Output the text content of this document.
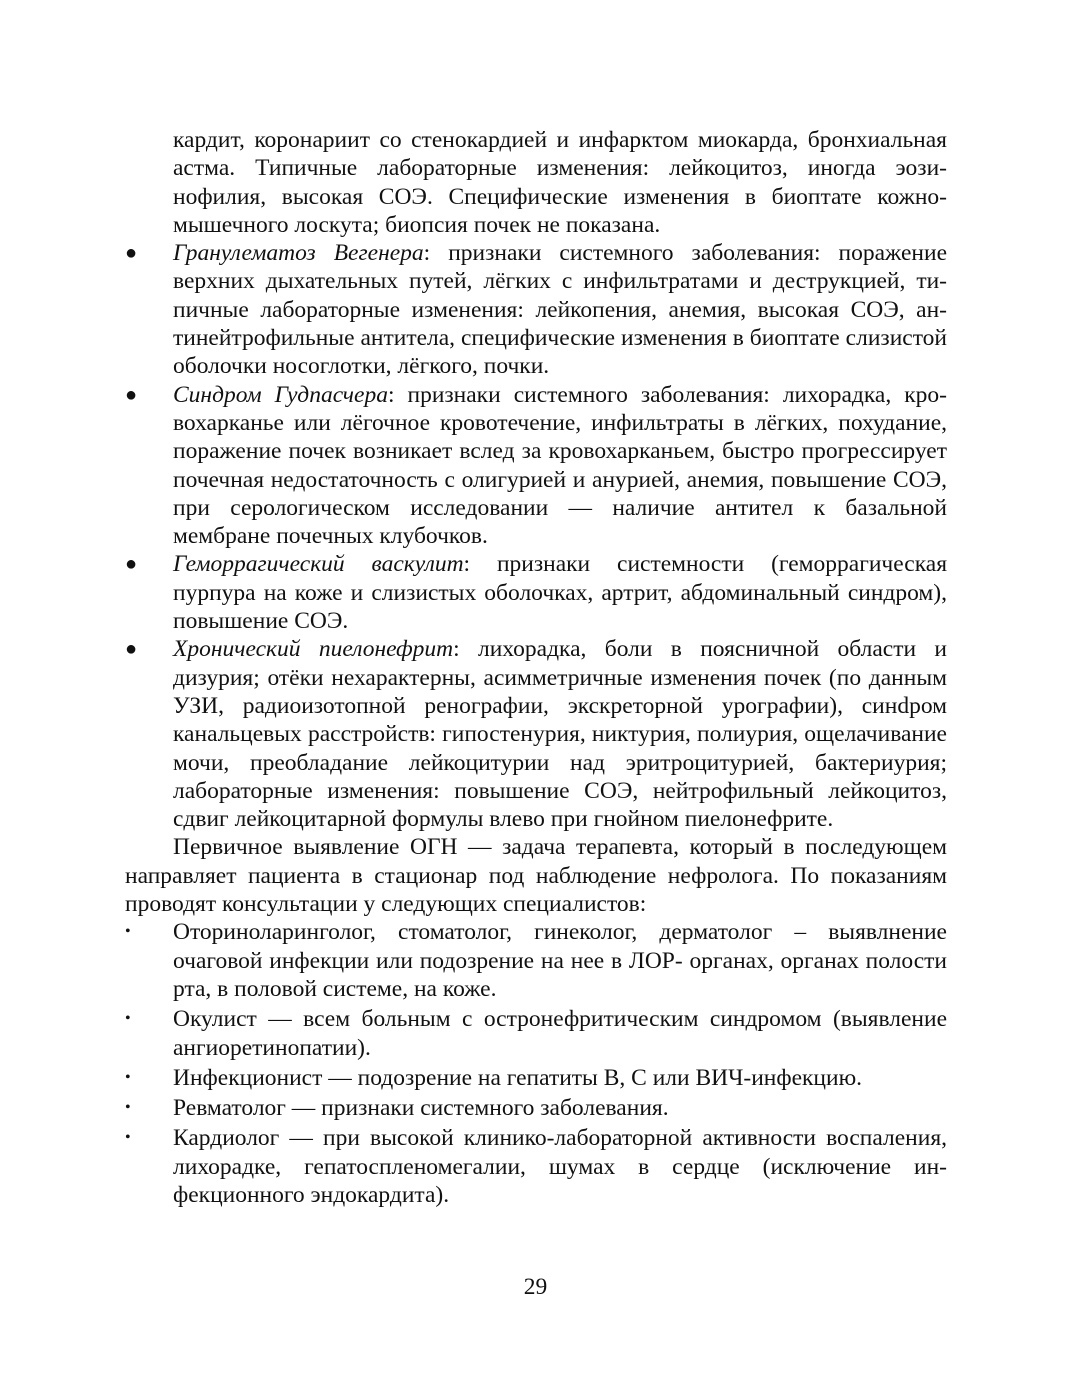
кардит, коронариит со стенокардией и инфарктом миокарда, бронхиальная астма. Типичные лабораторные изменения: лейкоцитоз, иногда эозинофилия, высокая СОЭ. Специфические изменения в биоптате кожно-мышечного лоскута; биопсия почек не показана.

● Гранулематоз Вегенера: признаки системного заболевания: поражение верхних дыхательных путей, лёгких с инфильтратами и деструкцией, типичные лабораторные изменения: лейкопения, анемия, высокая СОЭ, антинейтрофильные антитела, специфические изменения в биоптате слизистой оболочки носоглотки, лёгкого, почки.
● Синдром Гудпасчера: признаки системного заболевания: лихорадка, кровохарканье или лёгочное кровотечение, инфильтраты в лёгких, похудание, поражение почек возникает вслед за кровохарканьем, быстро прогрессирует почечная недостаточность с олигурией и анурией, анемия, повышение СОЭ, при серологическом исследовании — наличие антител к базальной мембране почечных клубочков.
● Геморрагический васкулит: признаки системности (геморрагическая пурпура на коже и слизистых оболочках, артрит, абдоминальный синдром), повышение СОЭ.
● Хронический пиелонефрит: лихорадка, боли в поясничной области и дизурия; отёки нехарактерны, асимметричные изменения почек (по данным УЗИ, радиоизотопной ренографии, экскреторной урографии), синdром канальцевых расстройств: гипостенурия, никтурия, полиурия, ощелачивание мочи, преобладание лейкоцитурии над эритроцитурией, бактериурия; лабораторные изменения: повышение СОЭ, нейтрофильный лейкоцитоз, сдвиг лейкоцитарной формулы влево при гнойном пиелонефрите.

Первичное выявление ОГН — задача терапевта, который в последующем направляет пациента в стационар под наблюдение нефролога. По показаниям проводят консультации у следующих специалистов:

• Оториноларинголог, стоматолог, гинеколог, дерматолог – выявлнение очаговой инфекции или подозрение на нее в ЛОР- органах, органах полости рта, в половой системе, на коже.
• Окулист — всем больным с остронефритическим синдромом (выявление ангиоретинопатии).
• Инфекционист — подозрение на гепатиты В, С или ВИЧ-инфекцию.
• Ревматолог — признаки системного заболевания.
• Кардиолог — при высокой клинико-лабораторной активности воспаления, лихорадке, гепатоспленомегалии, шумах в сердце (исключение инфекционного эндокардита).
29
